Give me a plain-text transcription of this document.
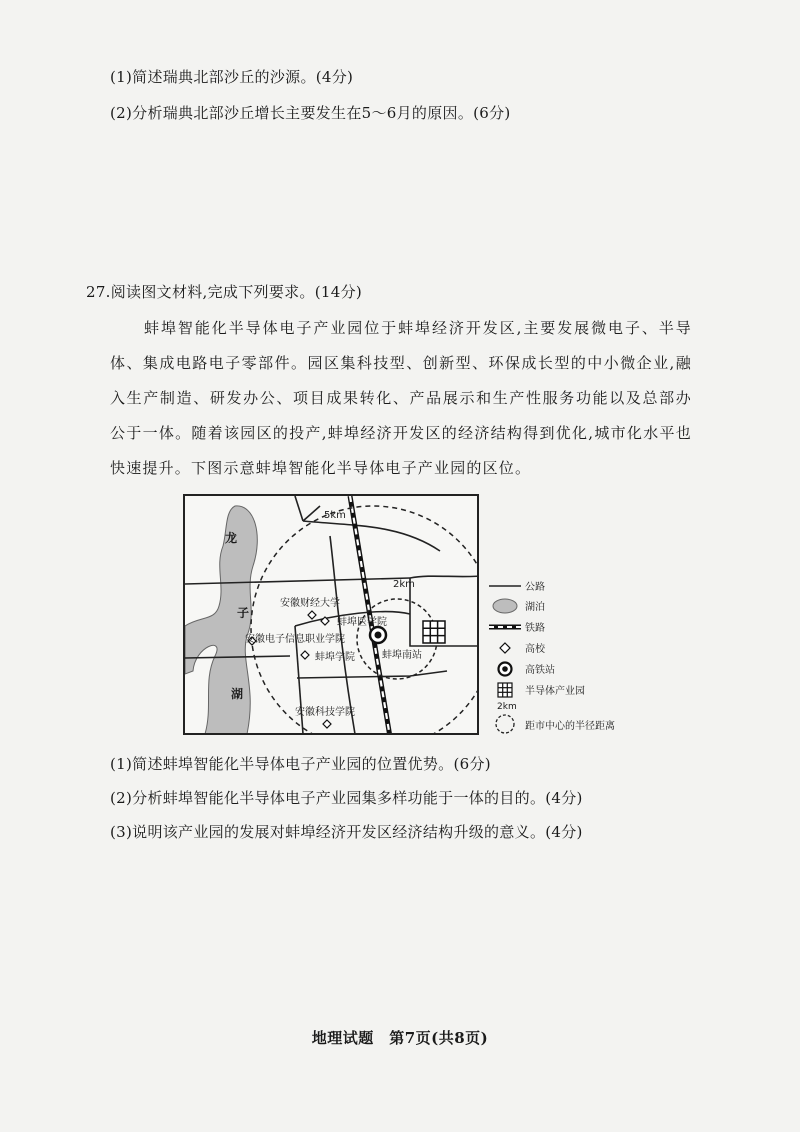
(1)简述瑞典北部沙丘的沙源。(4分)
(2)分析瑞典北部沙丘增长主要发生在5～6月的原因。(6分)
27.阅读图文材料,完成下列要求。(14分)
蚌埠智能化半导体电子产业园位于蚌埠经济开发区,主要发展微电子、半导体、集成电路电子零部件。园区集科技型、创新型、环保成长型的中小微企业,融入生产制造、研发办公、项目成果转化、产品展示和生产性服务功能以及总部办公于一体。随着该园区的投产,蚌埠经济开发区的经济结构得到优化,城市化水平也快速提升。下图示意蚌埠智能化半导体电子产业园的区位。
5km
2km
龙
子
湖
安徽财经大学
蚌埠医学院
安徽电子信息职业学院
蚌埠学院	蚌埠南站
安徽科技学院
公路
湖泊
铁路
高校
高铁站
半导体产业园
2km
距市中心的半径距离
(1)简述蚌埠智能化半导体电子产业园的位置优势。(6分)
(2)分析蚌埠智能化半导体电子产业园集多样功能于一体的目的。(4分)
(3)说明该产业园的发展对蚌埠经济开发区经济结构升级的意义。(4分)
地理试题　第7页(共8页)
